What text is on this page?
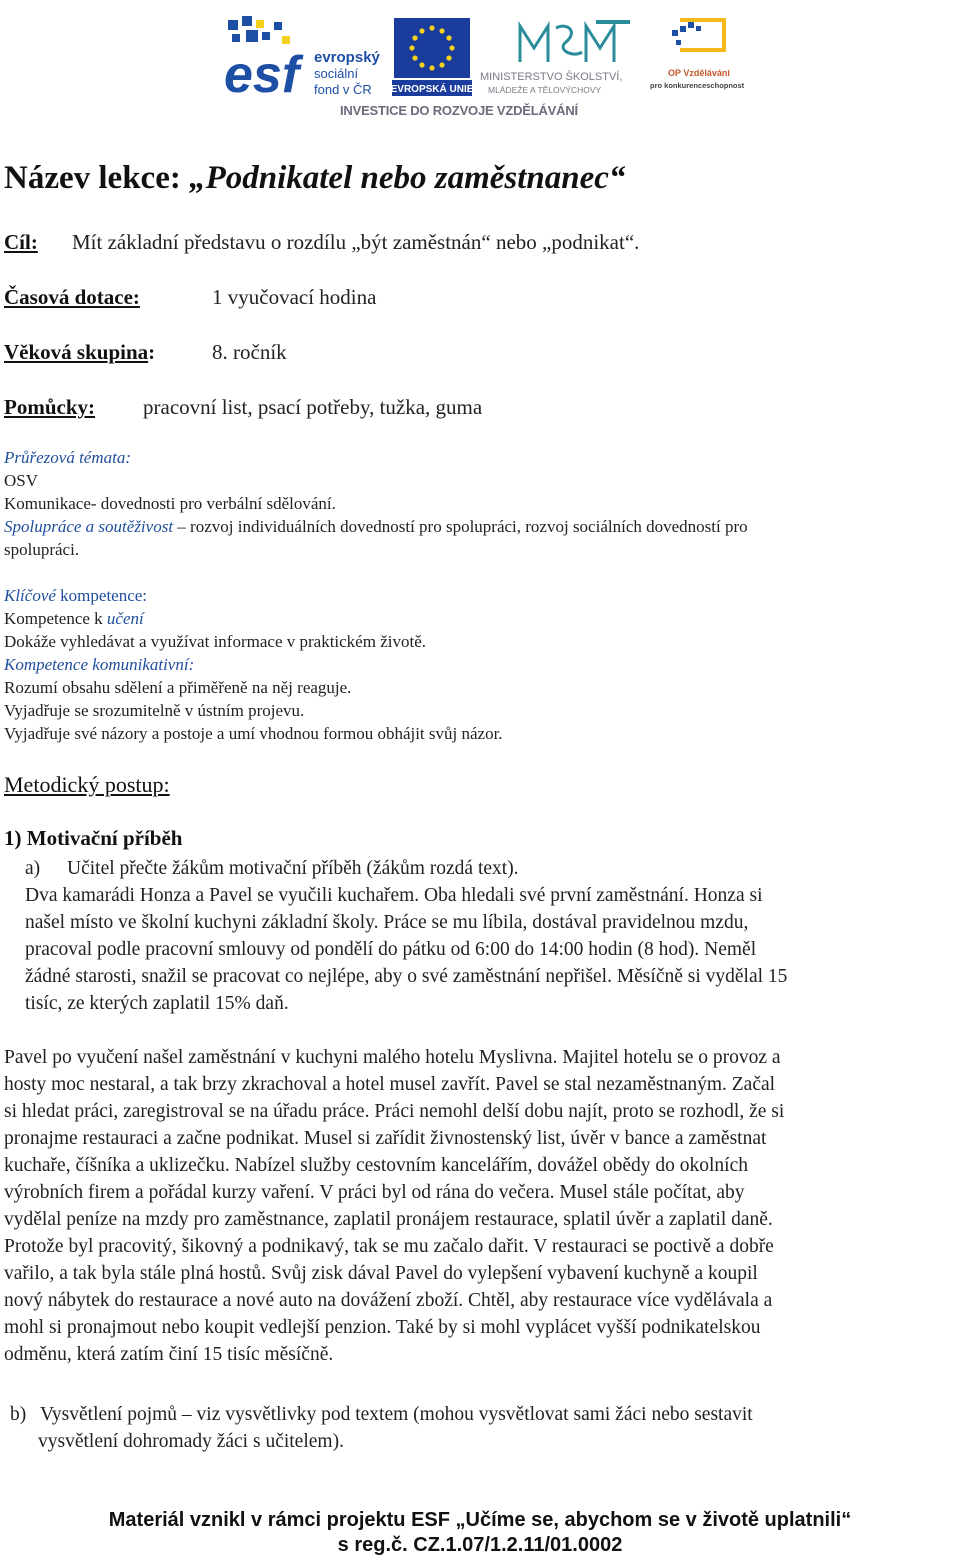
esf evropský
sociální
fond v ČR EVROPSKÁ UNIE
MINISTERSTVO ŠKOLSTVÍ,
MLÁDEŽE A TĚLOVÝCHOVY
OP Vzdělávání
pro konkurenceschopnost
INVESTICE DO ROZVOJE VZDĚLÁVÁNÍ
Název lekce: „Podnikatel nebo zaměstnanec“
Cíl: Mít základní představu o rozdílu „být zaměstnán“ nebo „podnikat“.
Časová dotace:	1 vyučovací hodina
Věková skupina:	8. ročník
Pomůcky: pracovní list, psací potřeby, tužka, guma
Průřezová témata:
OSV
Komunikace- dovednosti pro verbální sdělování.
Spolupráce a soutěživost – rozvoj individuálních dovedností pro spolupráci, rozvoj sociálních dovedností pro
spolupráci.
Klíčové kompetence:
Kompetence k učení
Dokáže vyhledávat a využívat informace v praktickém životě.
Kompetence komunikativní:
Rozumí obsahu sdělení a přiměřeně na něj reaguje.
Vyjadřuje se srozumitelně v ústním projevu.
Vyjadřuje své názory a postoje a umí vhodnou formou obhájit svůj názor.
Metodický postup:
1) Motivační příběh
a) Učitel přečte žákům motivační příběh (žákům rozdá text).
Dva kamarádi Honza a Pavel se vyučili kuchařem. Oba hledali své první zaměstnání. Honza si
našel místo ve školní kuchyni základní školy. Práce se mu líbila, dostával pravidelnou mzdu,
pracoval podle pracovní smlouvy od pondělí do pátku od 6:00 do 14:00 hodin (8 hod). Neměl
žádné starosti, snažil se pracovat co nejlépe, aby o své zaměstnání nepřišel. Měsíčně si vydělal 15
tisíc, ze kterých zaplatil 15% daň.
Pavel po vyučení našel zaměstnání v kuchyni malého hotelu Myslivna. Majitel hotelu se o provoz a
hosty moc nestaral, a tak brzy zkrachoval a hotel musel zavřít. Pavel se stal nezaměstnaným. Začal
si hledat práci, zaregistroval se na úřadu práce. Práci nemohl delší dobu najít, proto se rozhodl, že si
pronajme restauraci a začne podnikat. Musel si zařídit živnostenský list, úvěr v bance a zaměstnat
kuchaře, číšníka a uklizečku. Nabízel služby cestovním kancelářím, dovážel obědy do okolních
výrobních firem a pořádal kurzy vaření. V práci byl od rána do večera. Musel stále počítat, aby
vydělal peníze na mzdy pro zaměstnance, zaplatil pronájem restaurace, splatil úvěr a zaplatil daně.
Protože byl pracovitý, šikovný a podnikavý, tak se mu začalo dařit. V restauraci se poctivě a dobře
vařilo, a tak byla stále plná hostů. Svůj zisk dával Pavel do vylepšení vybavení kuchyně a koupil
nový nábytek do restaurace a nové auto na dovážení zboží. Chtěl, aby restaurace více vydělávala a
mohl si pronajmout nebo koupit vedlejší penzion. Také by si mohl vyplácet vyšší podnikatelskou
odměnu, která zatím činí 15 tisíc měsíčně.
b) Vysvětlení pojmů – viz vysvětlivky pod textem (mohou vysvětlovat sami žáci nebo sestavit
vysvětlení dohromady žáci s učitelem).
Materiál vznikl v rámci projektu ESF „Učíme se, abychom se v životě uplatnili“
s reg.č. CZ.1.07/1.2.11/01.0002
